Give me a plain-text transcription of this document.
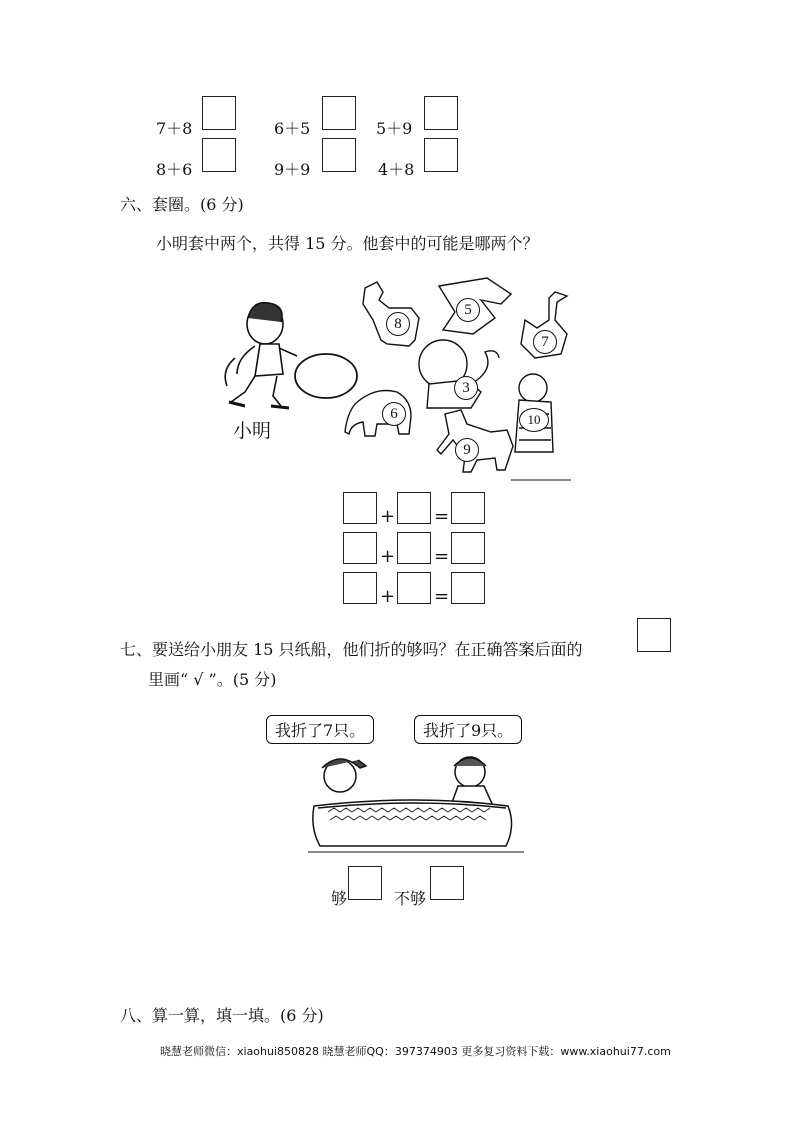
7＋8	6＋5	5＋9
8＋6	9＋9	4＋8
六、套圈。(6 分)
小明套中两个，共得 15 分。他套中的可能是哪两个？
小明
8
5
7
3
6	10
9
+ =
+ =
+ =
七、要送给小朋友 15 只纸船，他们折的够吗？在正确答案后面的
里画“ √ ”。(5 分)
我折了7只。	我折了9只。
够	不够
八、算一算，填一填。(6 分)
晓慧老师微信：xiaohui850828 晓慧老师QQ：397374903 更多复习资料下载：www.xiaohui77.com
